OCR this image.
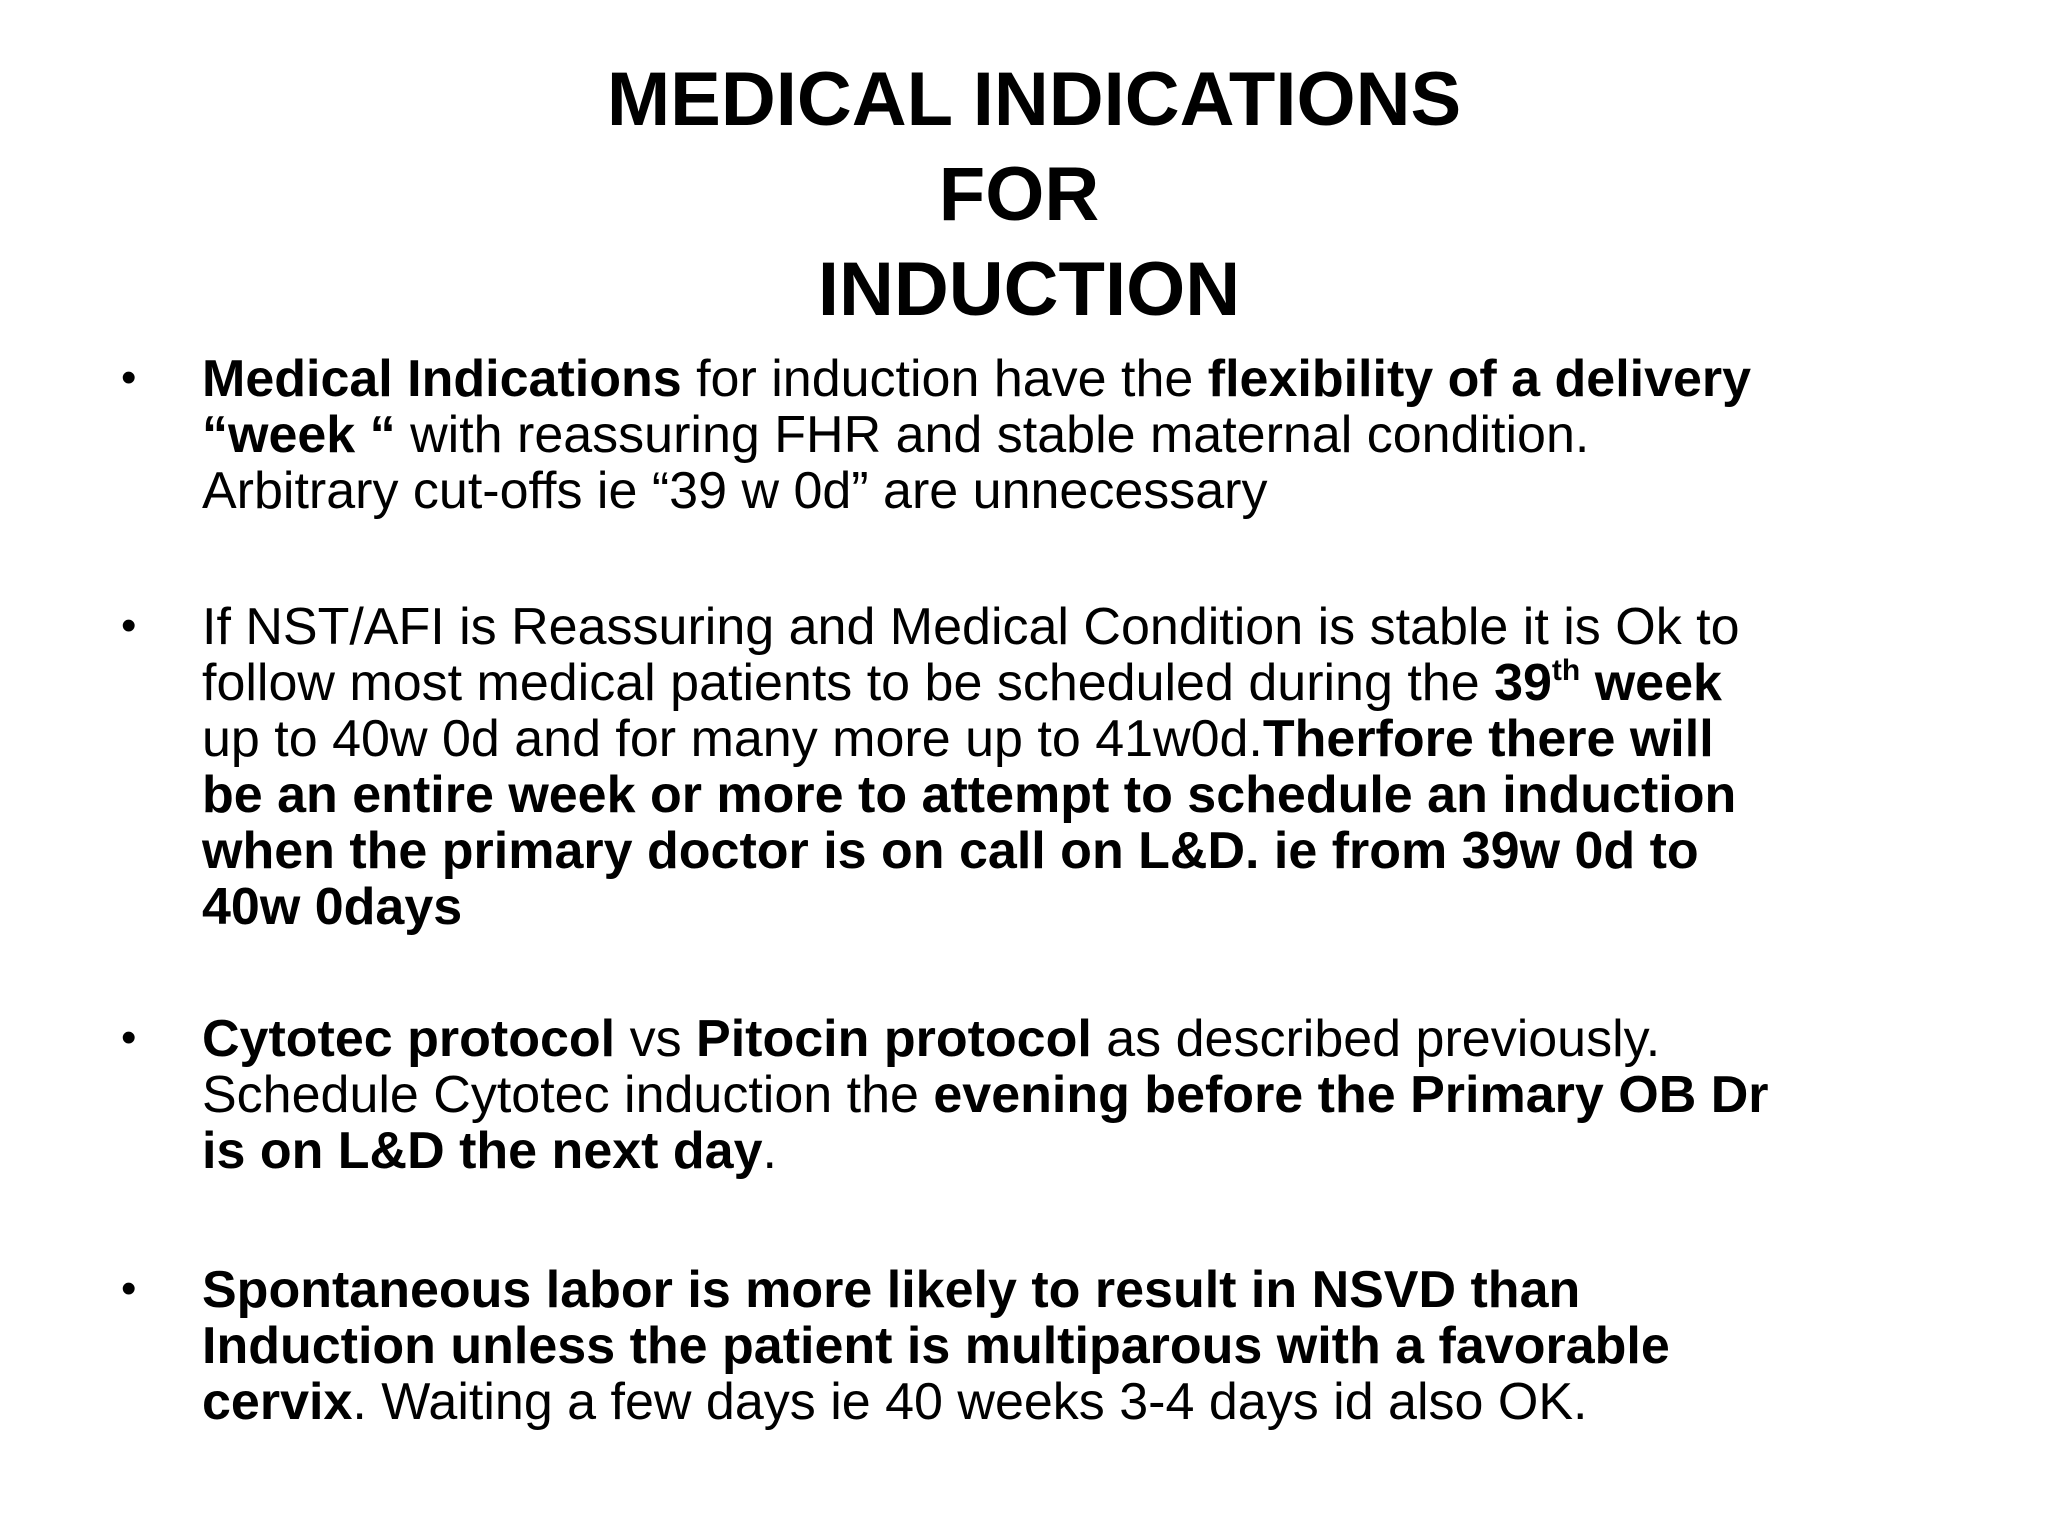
MEDICAL INDICATIONS
FOR
INDUCTION
• Medical Indications for induction have the flexibility of a delivery
“week “ with reassuring FHR and stable maternal condition.
Arbitrary cut-offs ie “39 w 0d” are unnecessary
• If NST/AFI is Reassuring and Medical Condition is stable it is Ok to
follow most medical patients to be scheduled during the 39th week
up to 40w 0d and for many more up to 41w0d.Therfore there will
be an entire week or more to attempt to schedule an induction
when the primary doctor is on call on L&D. ie from 39w 0d to
40w 0days
• Cytotec protocol vs Pitocin protocol as described previously.
Schedule Cytotec induction the evening before the Primary OB Dr
is on L&D the next day.
• Spontaneous labor is more likely to result in NSVD than
Induction unless the patient is multiparous with a favorable
cervix. Waiting a few days ie 40 weeks 3-4 days id also OK.
